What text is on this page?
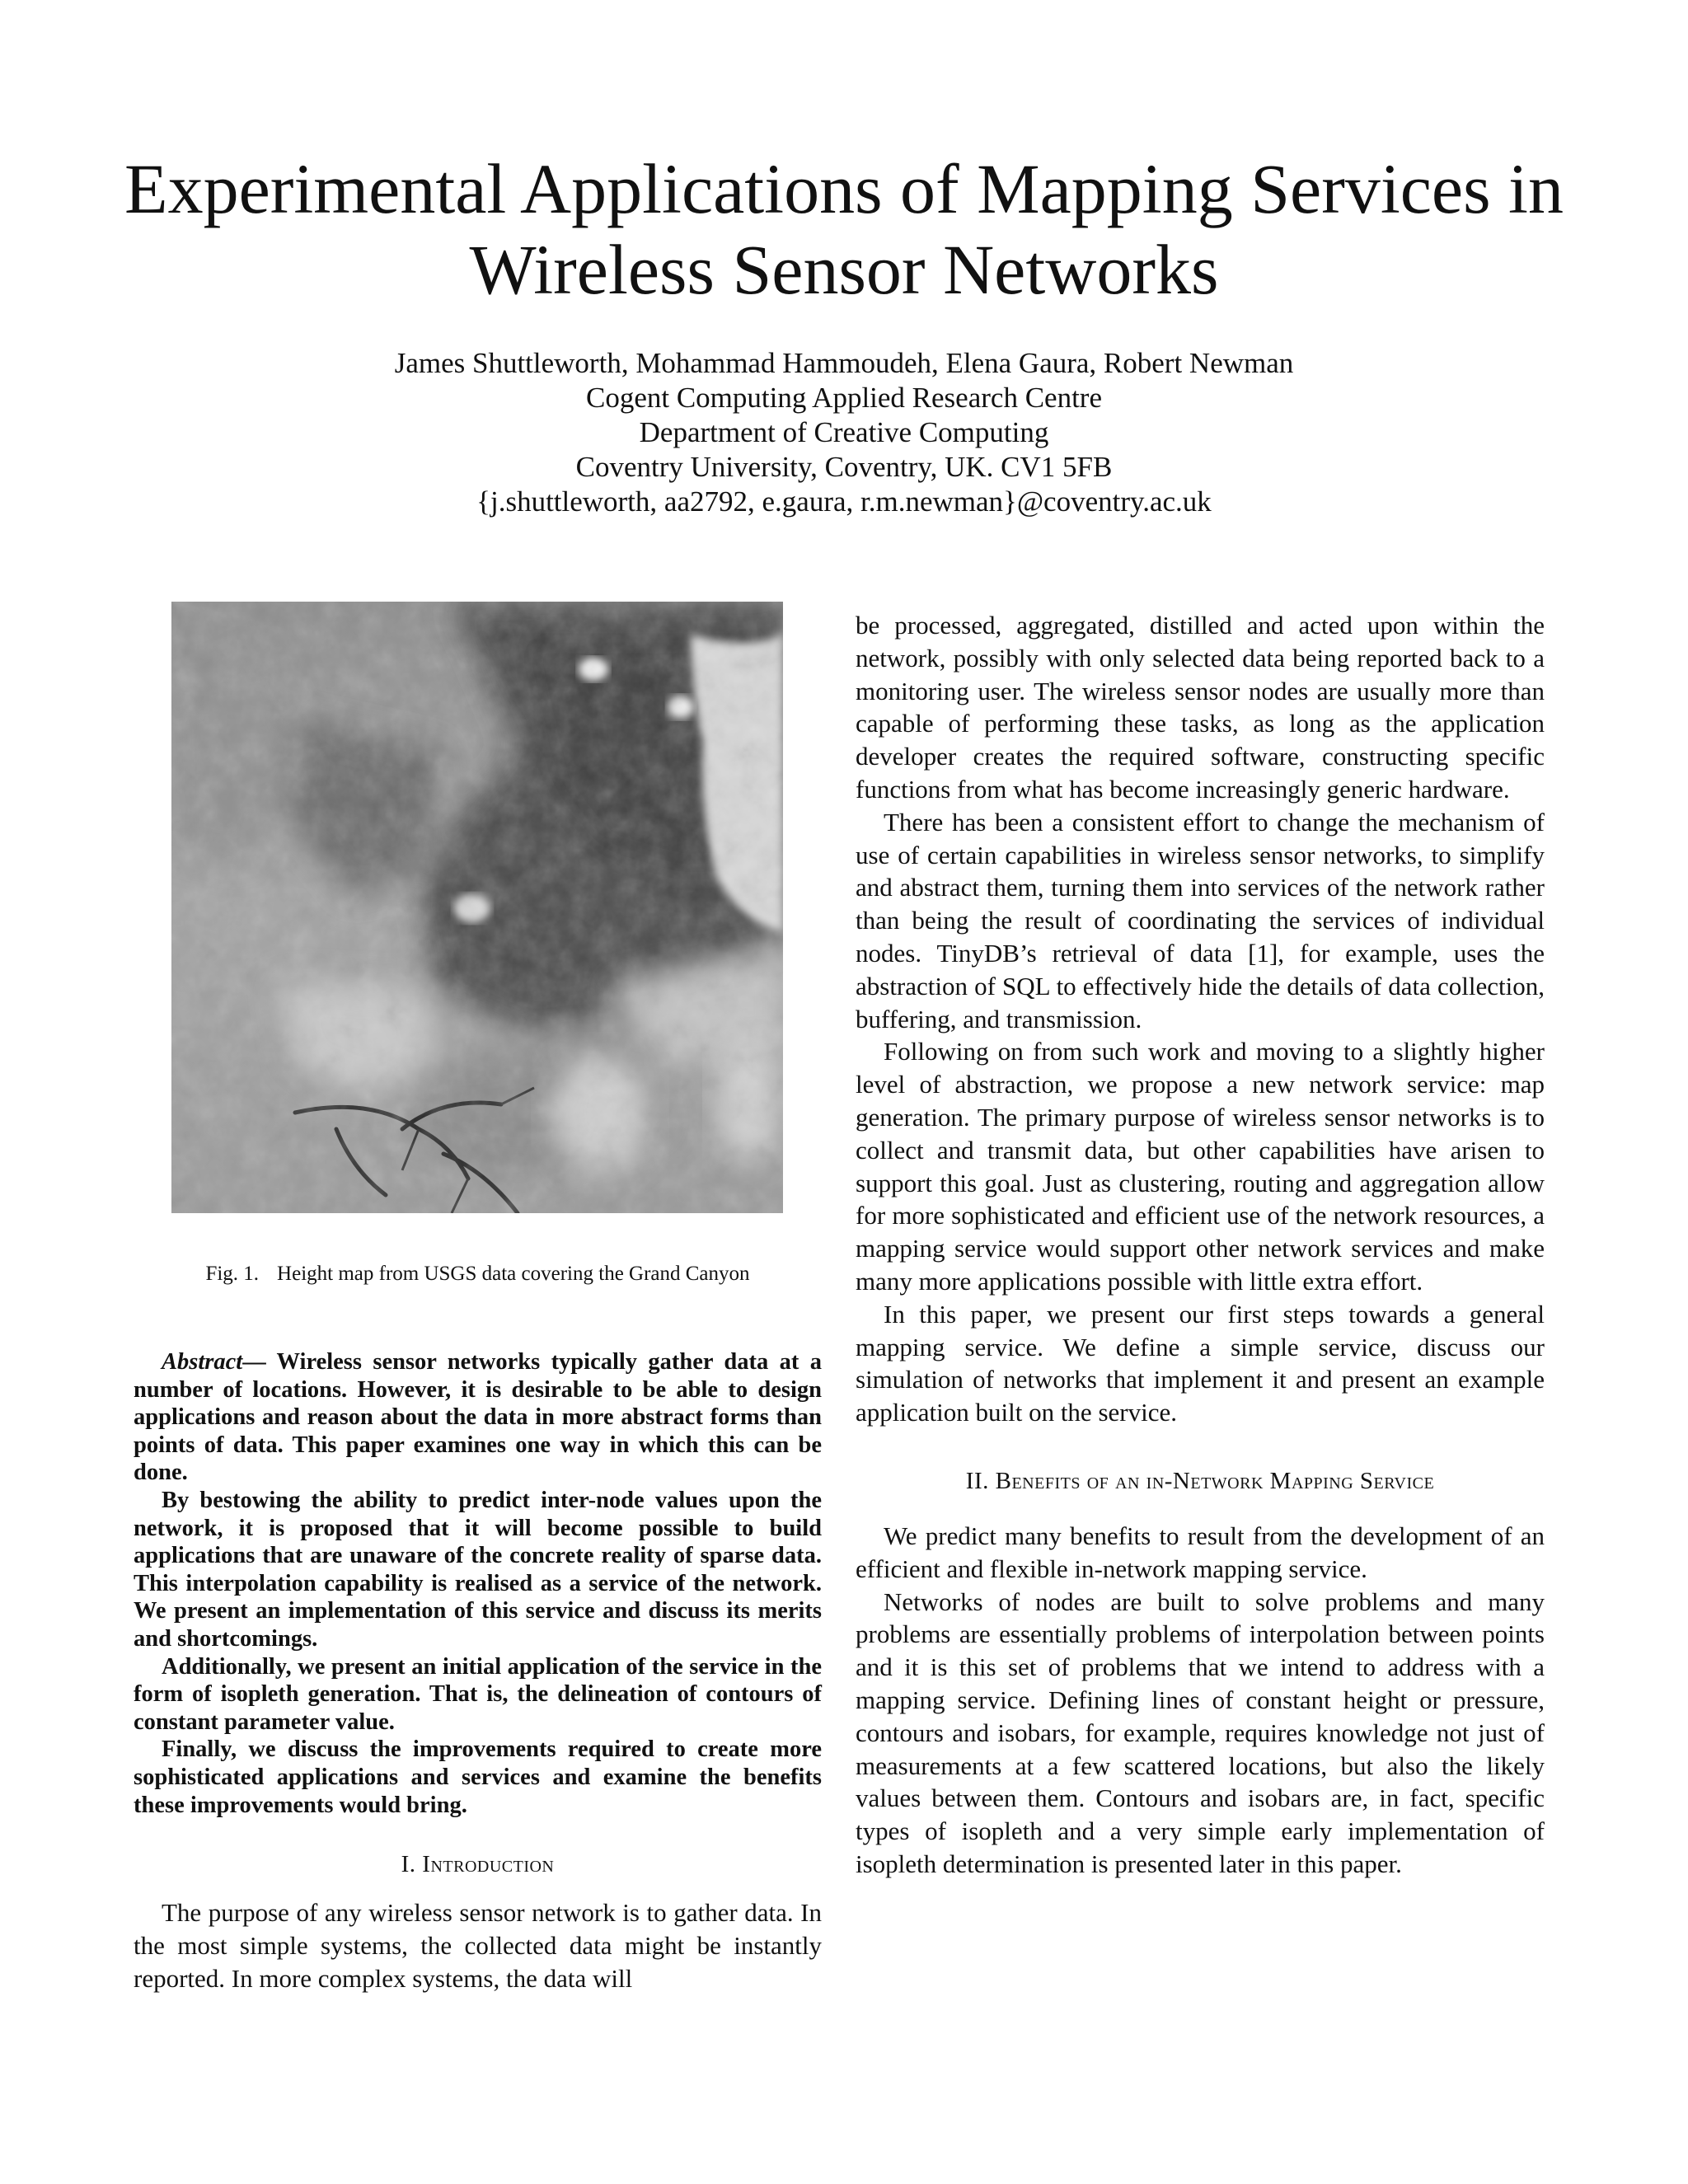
Experimental Applications of Mapping Services in
Wireless Sensor Networks
James Shuttleworth, Mohammad Hammoudeh, Elena Gaura, Robert Newman
Cogent Computing Applied Research Centre
Department of Creative Computing
Coventry University, Coventry, UK. CV1 5FB
{j.shuttleworth, aa2792, e.gaura, r.m.newman}@coventry.ac.uk
Fig. 1. Height map from USGS data covering the Grand Canyon

Abstract— Wireless sensor networks typically gather data at a number of locations. However, it is desirable to be able to design applications and reason about the data in more abstract forms than points of data. This paper examines one way in which this can be done.

By bestowing the ability to predict inter-node values upon the network, it is proposed that it will become possible to build applications that are unaware of the concrete reality of sparse data. This interpolation capability is realised as a service of the network. We present an implementation of this service and discuss its merits and shortcomings.

Additionally, we present an initial application of the service in the form of isopleth generation. That is, the delineation of contours of constant parameter value.

Finally, we discuss the improvements required to create more sophisticated applications and services and examine the benefits these improvements would bring.

I. Introduction

The purpose of any wireless sensor network is to gather data. In the most simple systems, the collected data might be instantly reported. In more complex systems, the data will

be processed, aggregated, distilled and acted upon within the network, possibly with only selected data being reported back to a monitoring user. The wireless sensor nodes are usually more than capable of performing these tasks, as long as the application developer creates the required software, constructing specific functions from what has become increasingly generic hardware.

There has been a consistent effort to change the mechanism of use of certain capabilities in wireless sensor networks, to simplify and abstract them, turning them into services of the network rather than being the result of coordinating the services of individual nodes. TinyDB’s retrieval of data [1], for example, uses the abstraction of SQL to effectively hide the details of data collection, buffering, and transmission.

Following on from such work and moving to a slightly higher level of abstraction, we propose a new network service: map generation. The primary purpose of wireless sensor networks is to collect and transmit data, but other capabilities have arisen to support this goal. Just as clustering, routing and aggregation allow for more sophisticated and efficient use of the network resources, a mapping service would support other network services and make many more applications possible with little extra effort.

In this paper, we present our first steps towards a general mapping service. We define a simple service, discuss our simulation of networks that implement it and present an example application built on the service.

II. Benefits of an in-Network Mapping Service

We predict many benefits to result from the development of an efficient and flexible in-network mapping service.

Networks of nodes are built to solve problems and many problems are essentially problems of interpolation between points and it is this set of problems that we intend to address with a mapping service. Defining lines of constant height or pressure, contours and isobars, for example, requires knowledge not just of measurements at a few scattered locations, but also the likely values between them. Contours and isobars are, in fact, specific types of isopleth and a very simple early implementation of isopleth determination is presented later in this paper.
